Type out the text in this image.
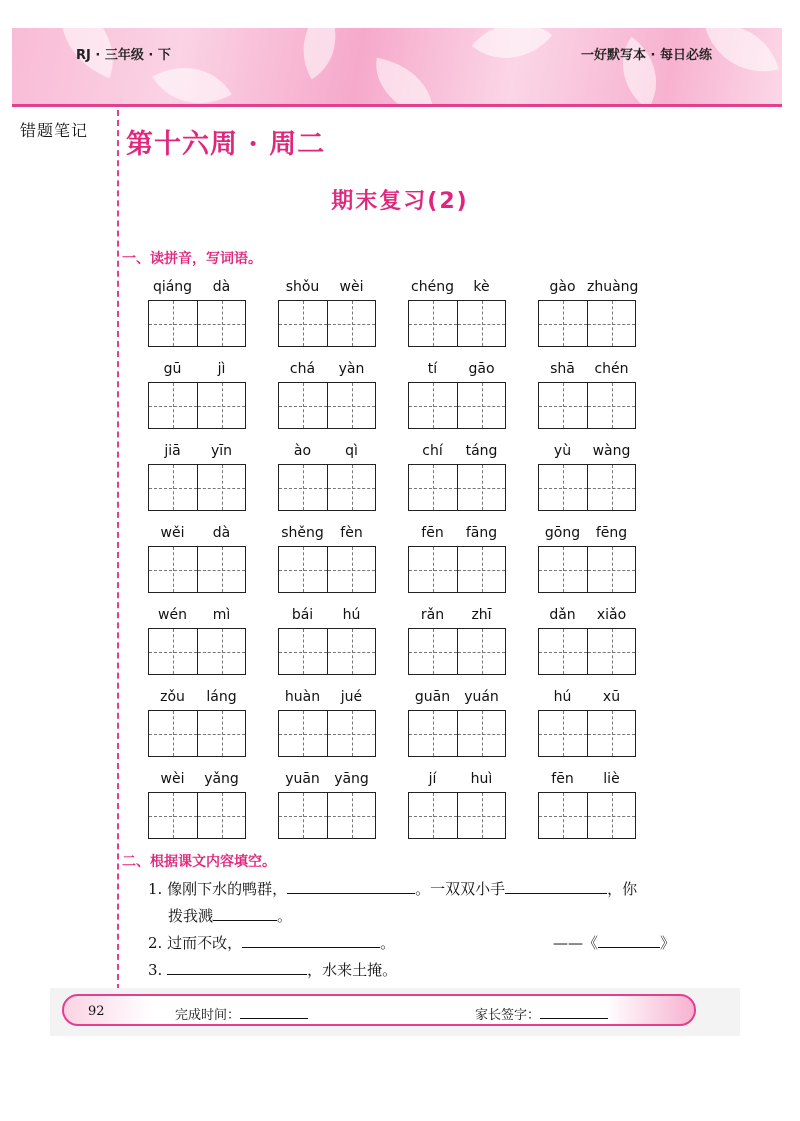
RJ · 三年级 · 下	一好默写本 · 每日必练
错题笔记 第十六周 · 周二
期末复习(2)
一、读拼音，写词语。
qiáng	dà	shǒu	wèi	chéng	kè	gào zhuàng
gū	jì	chá	yàn	tí	gāo	shā	chén
jiā	yīn	ào	qì	chí	táng	yù	wàng
wěi	dà	shěng	fèn	fēn	fāng	gōng	fēng
wén	mì	bái	hú	rǎn	zhī	dǎn	xiǎo
zǒu	láng	huàn	jué	guān	yuán	hú	xū
wèi	yǎng	yuān	yāng	jí	huì	fēn	liè
二、根据课文内容填空。
1. 像刚下水的鸭群，	。一双双小手	，你
拨我溅	。
2. 过而不改，	。	——《	》
3.	，水来土掩。
92	完成时间：	家长签字：
